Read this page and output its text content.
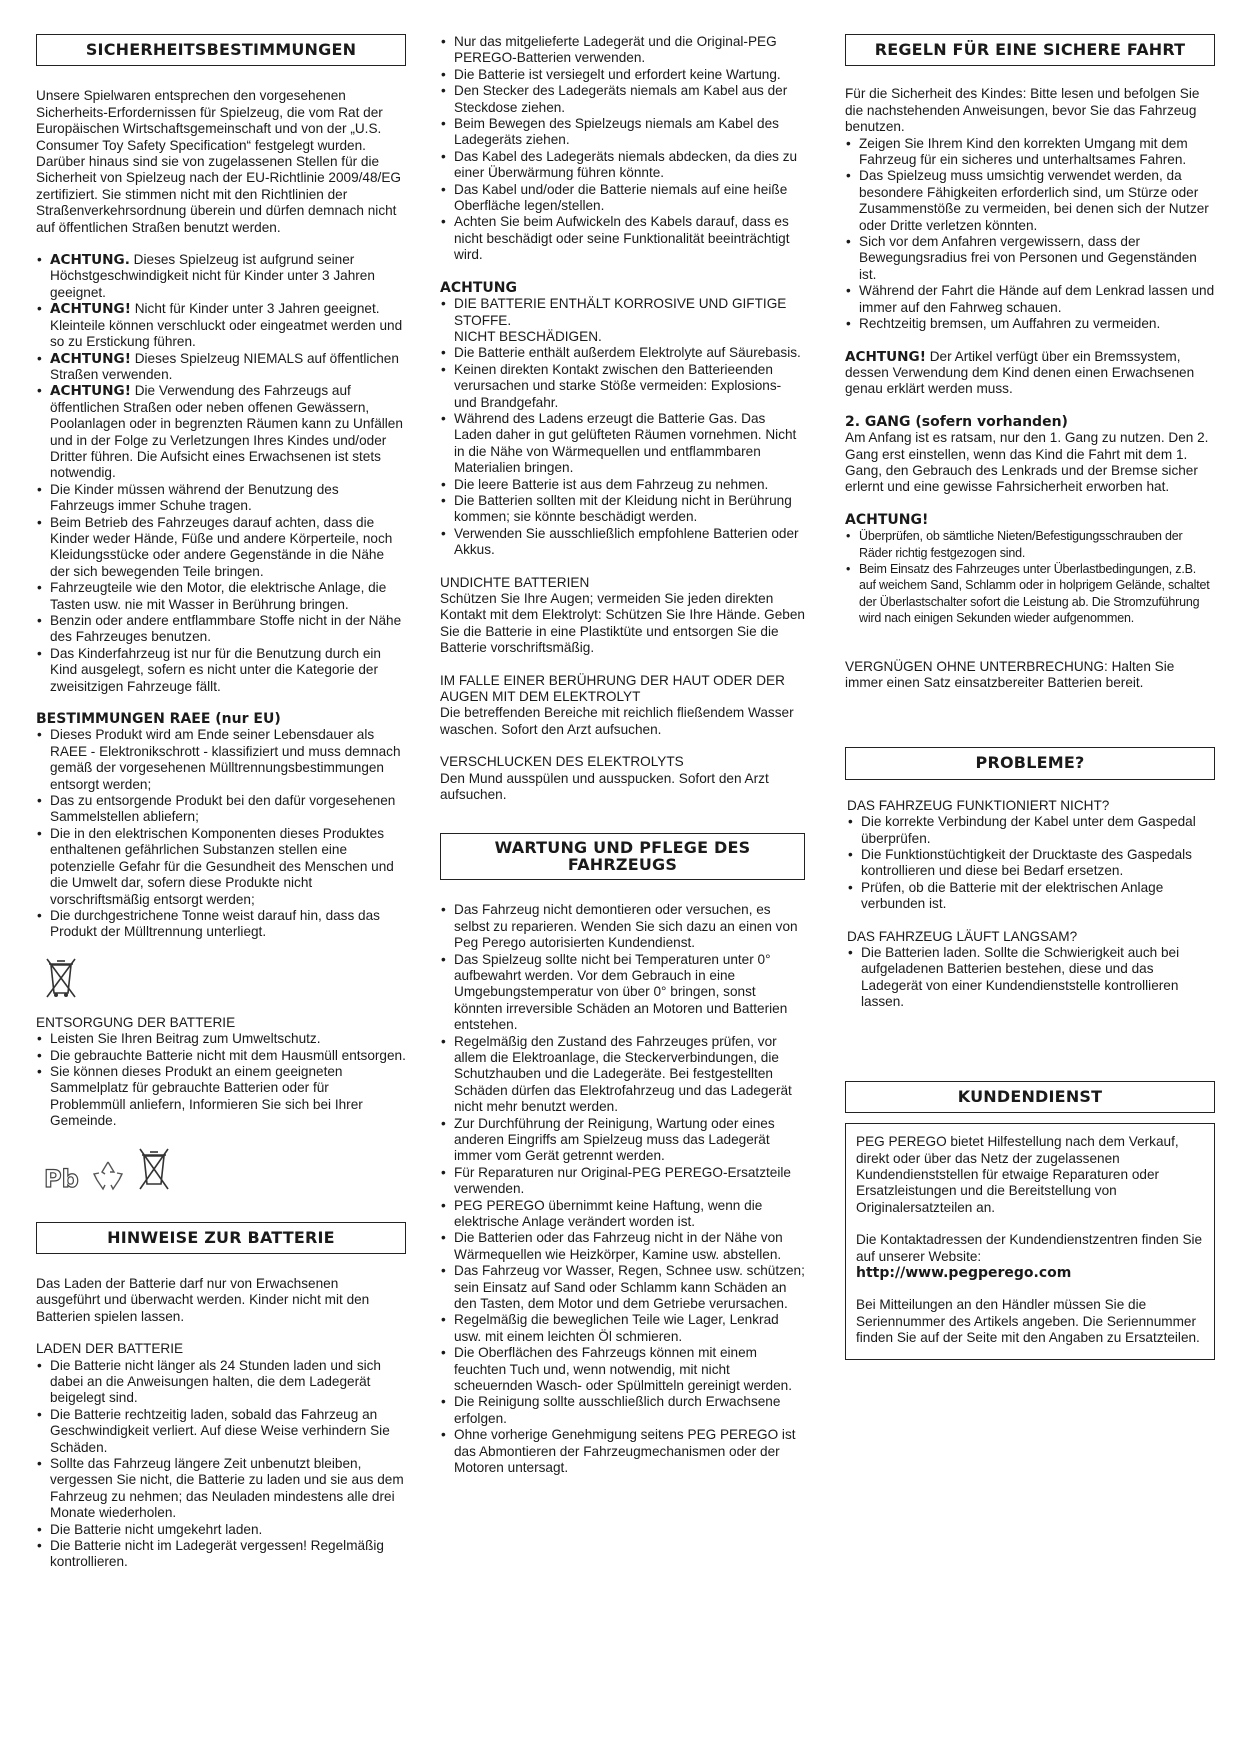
SICHERHEITSBESTIMMUNGEN

Unsere Spielwaren entsprechen den vorgesehenen Sicherheits-Erfordernissen für Spielzeug, die vom Rat der Europäischen Wirtschaftsgemeinschaft und von der „U.S. Consumer Toy Safety Specification“ festgelegt wurden. Darüber hinaus sind sie von zugelassenen Stellen für die Sicherheit von Spielzeug nach der EU-Richtlinie 2009/48/EG zertifiziert. Sie stimmen nicht mit den Richtlinien der Straßenverkehrsordnung überein und dürfen demnach nicht auf öffentlichen Straßen benutzt werden.

• ACHTUNG. Dieses Spielzeug ist aufgrund seiner Höchstgeschwindigkeit nicht für Kinder unter 3 Jahren geeignet.
• ACHTUNG! Nicht für Kinder unter 3 Jahren geeignet. Kleinteile können verschluckt oder eingeatmet werden und so zu Erstickung führen.
• ACHTUNG! Dieses Spielzeug NIEMALS auf öffentlichen Straßen verwenden.
• ACHTUNG! Die Verwendung des Fahrzeugs auf öffentlichen Straßen oder neben offenen Gewässern, Poolanlagen oder in begrenzten Räumen kann zu Unfällen und in der Folge zu Verletzungen Ihres Kindes und/oder Dritter führen. Die Aufsicht eines Erwachsenen ist stets notwendig.
• Die Kinder müssen während der Benutzung des Fahrzeugs immer Schuhe tragen.
• Beim Betrieb des Fahrzeuges darauf achten, dass die Kinder weder Hände, Füße und andere Körperteile, noch Kleidungsstücke oder andere Gegenstände in die Nähe der sich bewegenden Teile bringen.
• Fahrzeugteile wie den Motor, die elektrische Anlage, die Tasten usw. nie mit Wasser in Berührung bringen.
• Benzin oder andere entflammbare Stoffe nicht in der Nähe des Fahrzeuges benutzen.
• Das Kinderfahrzeug ist nur für die Benutzung durch ein Kind ausgelegt, sofern es nicht unter die Kategorie der zweisitzigen Fahrzeuge fällt.

BESTIMMUNGEN RAEE (nur EU)

• Dieses Produkt wird am Ende seiner Lebensdauer als RAEE - Elektronikschrott - klassifiziert und muss demnach gemäß der vorgesehenen Mülltrennungsbestimmungen entsorgt werden;
• Das zu entsorgende Produkt bei den dafür vorgesehenen Sammelstellen abliefern;
• Die in den elektrischen Komponenten dieses Produktes enthaltenen gefährlichen Substanzen stellen eine potenzielle Gefahr für die Gesundheit des Menschen und die Umwelt dar, sofern diese Produkte nicht vorschriftsmäßig entsorgt werden;
• Die durchgestrichene Tonne weist darauf hin, dass das Produkt der Mülltrennung unterliegt.

ENTSORGUNG DER BATTERIE

• Leisten Sie Ihren Beitrag zum Umweltschutz.
• Die gebrauchte Batterie nicht mit dem Hausmüll entsorgen.
• Sie können dieses Produkt an einem geeigneten Sammelplatz für gebrauchte Batterien oder für Problemmüll anliefern, Informieren Sie sich bei Ihrer Gemeinde.
Pb
HINWEISE ZUR BATTERIE

Das Laden der Batterie darf nur von Erwachsenen ausgeführt und überwacht werden. Kinder nicht mit den Batterien spielen lassen.

LADEN DER BATTERIE

• Die Batterie nicht länger als 24 Stunden laden und sich dabei an die Anweisungen halten, die dem Ladegerät beigelegt sind.
• Die Batterie rechtzeitig laden, sobald das Fahrzeug an Geschwindigkeit verliert. Auf diese Weise verhindern Sie Schäden.
• Sollte das Fahrzeug längere Zeit unbenutzt bleiben, vergessen Sie nicht, die Batterie zu laden und sie aus dem Fahrzeug zu nehmen; das Neuladen mindestens alle drei Monate wiederholen.
• Die Batterie nicht umgekehrt laden.
• Die Batterie nicht im Ladegerät vergessen! Regelmäßig kontrollieren.
• Nur das mitgelieferte Ladegerät und die Original-PEG PEREGO-Batterien verwenden.
• Die Batterie ist versiegelt und erfordert keine Wartung.
• Den Stecker des Ladegeräts niemals am Kabel aus der Steckdose ziehen.
• Beim Bewegen des Spielzeugs niemals am Kabel des Ladegeräts ziehen.
• Das Kabel des Ladegeräts niemals abdecken, da dies zu einer Überwärmung führen könnte.
• Das Kabel und/oder die Batterie niemals auf eine heiße Oberfläche legen/stellen.
• Achten Sie beim Aufwickeln des Kabels darauf, dass es nicht beschädigt oder seine Funktionalität beeinträchtigt wird.

ACHTUNG

• DIE BATTERIE ENTHÄLT KORROSIVE UND GIFTIGE STOFFE.
NICHT BESCHÄDIGEN.
• Die Batterie enthält außerdem Elektrolyte auf Säurebasis.
• Keinen direkten Kontakt zwischen den Batterieenden verursachen und starke Stöße vermeiden: Explosions- und Brandgefahr.
• Während des Ladens erzeugt die Batterie Gas. Das Laden daher in gut gelüfteten Räumen vornehmen. Nicht in die Nähe von Wärmequellen und entflammbaren Materialien bringen.
• Die leere Batterie ist aus dem Fahrzeug zu nehmen.
• Die Batterien sollten mit der Kleidung nicht in Berührung kommen; sie könnte beschädigt werden.
• Verwenden Sie ausschließlich empfohlene Batterien oder Akkus.

UNDICHTE BATTERIEN

Schützen Sie Ihre Augen; vermeiden Sie jeden direkten Kontakt mit dem Elektrolyt: Schützen Sie Ihre Hände. Geben Sie die Batterie in eine Plastiktüte und entsorgen Sie die Batterie vorschriftsmäßig.

IM FALLE EINER BERÜHRUNG DER HAUT ODER DER AUGEN MIT DEM ELEKTROLYT

Die betreffenden Bereiche mit reichlich fließendem Wasser waschen. Sofort den Arzt aufsuchen.

VERSCHLUCKEN DES ELEKTROLYTS

Den Mund ausspülen und ausspucken. Sofort den Arzt aufsuchen.

WARTUNG UND PFLEGE DES FAHRZEUGS
• Das Fahrzeug nicht demontieren oder versuchen, es selbst zu reparieren. Wenden Sie sich dazu an einen von Peg Perego autorisierten Kundendienst.
• Das Spielzeug sollte nicht bei Temperaturen unter 0° aufbewahrt werden. Vor dem Gebrauch in eine Umgebungstemperatur von über 0° bringen, sonst könnten irreversible Schäden an Motoren und Batterien entstehen.
• Regelmäßig den Zustand des Fahrzeuges prüfen, vor allem die Elektroanlage, die Steckerverbindungen, die Schutzhauben und die Ladegeräte. Bei festgestellten Schäden dürfen das Elektrofahrzeug und das Ladegerät nicht mehr benutzt werden.
• Zur Durchführung der Reinigung, Wartung oder eines anderen Eingriffs am Spielzeug muss das Ladegerät immer vom Gerät getrennt werden.
• Für Reparaturen nur Original-PEG PEREGO-Ersatzteile verwenden.
• PEG PEREGO übernimmt keine Haftung, wenn die elektrische Anlage verändert worden ist.
• Die Batterien oder das Fahrzeug nicht in der Nähe von Wärmequellen wie Heizkörper, Kamine usw. abstellen.
• Das Fahrzeug vor Wasser, Regen, Schnee usw. schützen; sein Einsatz auf Sand oder Schlamm kann Schäden an den Tasten, dem Motor und dem Getriebe verursachen.
• Regelmäßig die beweglichen Teile wie Lager, Lenkrad usw. mit einem leichten Öl schmieren.
• Die Oberflächen des Fahrzeugs können mit einem feuchten Tuch und, wenn notwendig, mit nicht scheuernden Wasch- oder Spülmitteln gereinigt werden.
• Die Reinigung sollte ausschließlich durch Erwachsene erfolgen.
• Ohne vorherige Genehmigung seitens PEG PEREGO ist das Abmontieren der Fahrzeugmechanismen oder der Motoren untersagt.
REGELN FÜR EINE SICHERE FAHRT

Für die Sicherheit des Kindes: Bitte lesen und befolgen Sie die nachstehenden Anweisungen, bevor Sie das Fahrzeug benutzen.

• Zeigen Sie Ihrem Kind den korrekten Umgang mit dem Fahrzeug für ein sicheres und unterhaltsames Fahren.
• Das Spielzeug muss umsichtig verwendet werden, da besondere Fähigkeiten erforderlich sind, um Stürze oder Zusammenstöße zu vermeiden, bei denen sich der Nutzer oder Dritte verletzen könnten.
• Sich vor dem Anfahren vergewissern, dass der Bewegungsradius frei von Personen und Gegenständen ist.
• Während der Fahrt die Hände auf dem Lenkrad lassen und immer auf den Fahrweg schauen.
• Rechtzeitig bremsen, um Auffahren zu vermeiden.

ACHTUNG! Der Artikel verfügt über ein Bremssystem, dessen Verwendung dem Kind denen einen Erwachsenen genau erklärt werden muss.

2. GANG (sofern vorhanden)

Am Anfang ist es ratsam, nur den 1. Gang zu nutzen. Den 2. Gang erst einstellen, wenn das Kind die Fahrt mit dem 1. Gang, den Gebrauch des Lenkrads und der Bremse sicher erlernt und eine gewisse Fahrsicherheit erworben hat.

ACHTUNG!

• Überprüfen, ob sämtliche Nieten/Befestigungsschrauben der Räder richtig festgezogen sind.
• Beim Einsatz des Fahrzeuges unter Überlastbedingungen, z.B. auf weichem Sand, Schlamm oder in holprigem Gelände, schaltet der Überlastschalter sofort die Leistung ab. Die Stromzuführung wird nach einigen Sekunden wieder aufgenommen.

VERGNÜGEN OHNE UNTERBRECHUNG: Halten Sie immer einen Satz einsatzbereiter Batterien bereit.

PROBLEME?

DAS FAHRZEUG FUNKTIONIERT NICHT?

• Die korrekte Verbindung der Kabel unter dem Gaspedal überprüfen.
• Die Funktionstüchtigkeit der Drucktaste des Gaspedals kontrollieren und diese bei Bedarf ersetzen.
• Prüfen, ob die Batterie mit der elektrischen Anlage verbunden ist.

DAS FAHRZEUG LÄUFT LANGSAM?

• Die Batterien laden. Sollte die Schwierigkeit auch bei aufgeladenen Batterien bestehen, diese und das Ladegerät von einer Kundendienststelle kontrollieren lassen.
KUNDENDIENST

PEG PEREGO bietet Hilfestellung nach dem Verkauf, direkt oder über das Netz der zugelassenen Kundendienststellen für etwaige Reparaturen oder Ersatzleistungen und die Bereitstellung von Originalersatzteilen an.

Die Kontaktadressen der Kundendienstzentren finden Sie auf unserer Website:

http://www.pegperego.com

Bei Mitteilungen an den Händler müssen Sie die Seriennummer des Artikels angeben. Die Seriennummer finden Sie auf der Seite mit den Angaben zu Ersatzteilen.
